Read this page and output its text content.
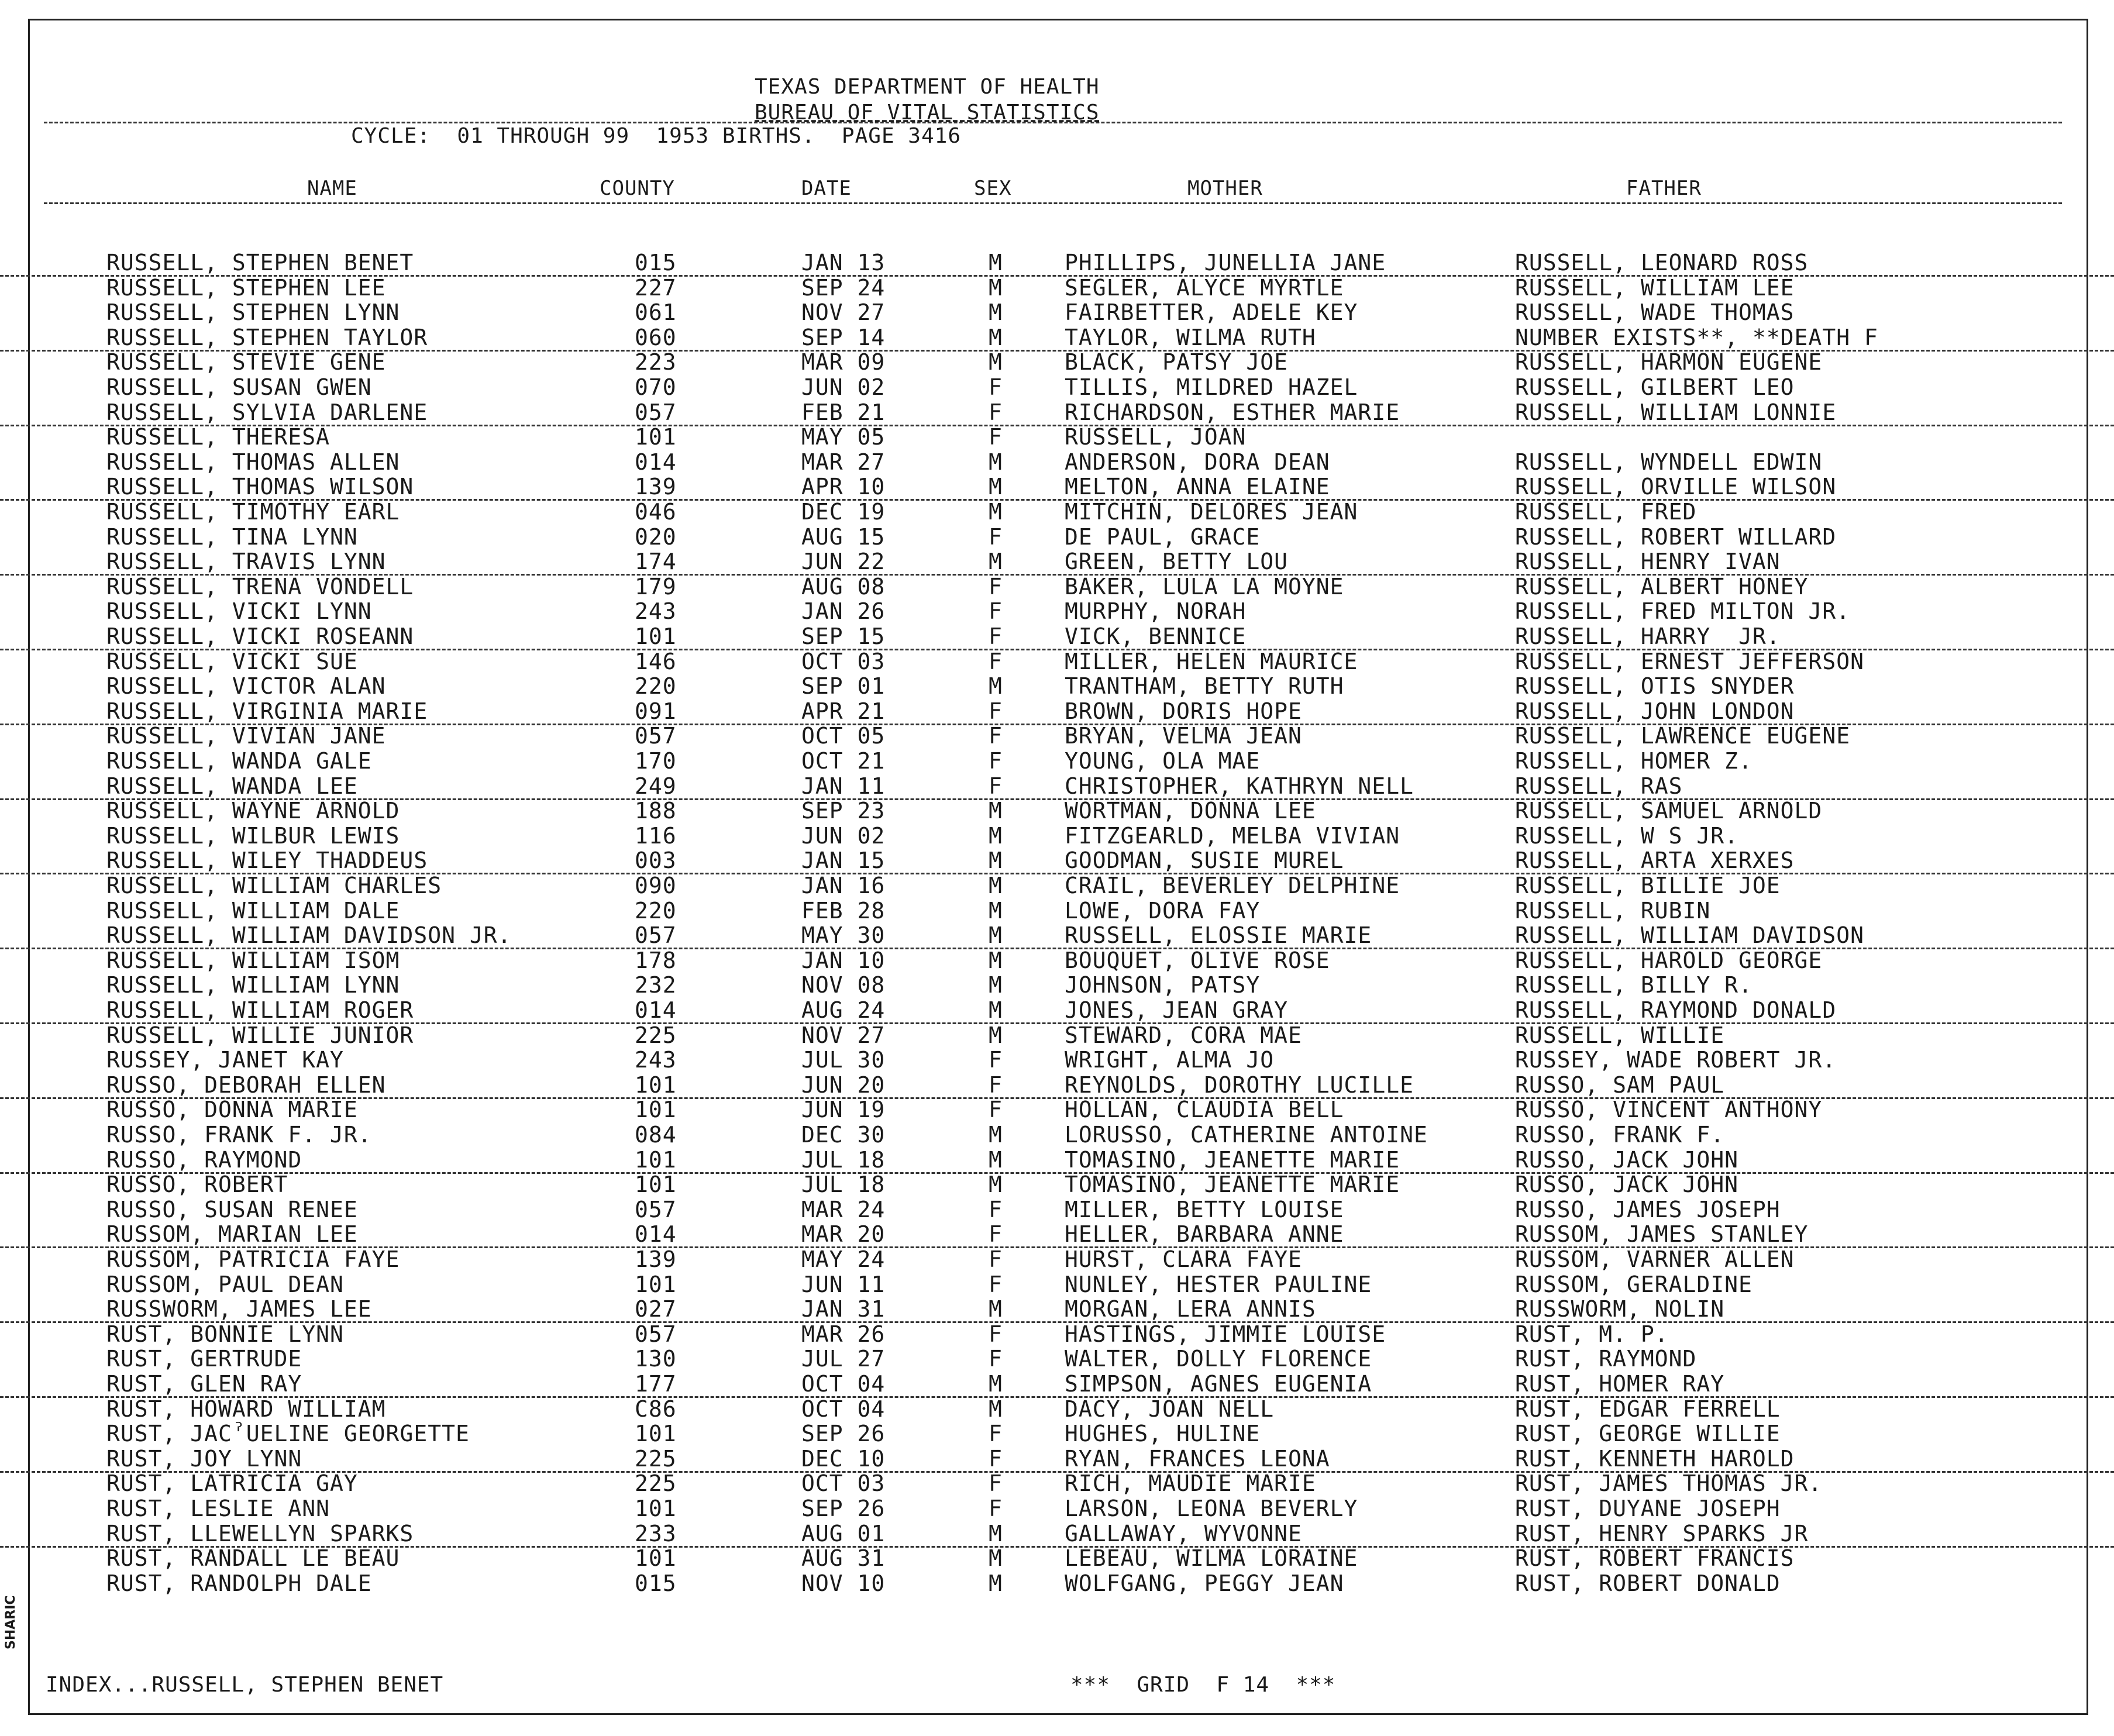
TEXAS DEPARTMENT OF HEALTH
BUREAU OF VITAL STATISTICS
CYCLE:  01 THROUGH 99  1953 BIRTHS.  PAGE 3416
NAME	COUNTY	DATE	SEX	MOTHER	FATHER
RUSSELL, STEPHEN BENET	015	JAN 13	M	PHILLIPS, JUNELLIA JANE	RUSSELL, LEONARD ROSS
RUSSELL, STEPHEN LEE	227	SEP 24	M	SEGLER, ALYCE MYRTLE	RUSSELL, WILLIAM LEE
RUSSELL, STEPHEN LYNN	061	NOV 27	M	FAIRBETTER, ADELE KEY	RUSSELL, WADE THOMAS
RUSSELL, STEPHEN TAYLOR	060	SEP 14	M	TAYLOR, WILMA RUTH	NUMBER EXISTS**, **DEATH F
RUSSELL, STEVIE GENE	223	MAR 09	M	BLACK, PATSY JOE	RUSSELL, HARMON EUGENE
RUSSELL, SUSAN GWEN	070	JUN 02	F	TILLIS, MILDRED HAZEL	RUSSELL, GILBERT LEO
RUSSELL, SYLVIA DARLENE	057	FEB 21	F	RICHARDSON, ESTHER MARIE	RUSSELL, WILLIAM LONNIE
RUSSELL, THERESA	101	MAY 05	F	RUSSELL, JOAN
RUSSELL, THOMAS ALLEN	014	MAR 27	M	ANDERSON, DORA DEAN	RUSSELL, WYNDELL EDWIN
RUSSELL, THOMAS WILSON	139	APR 10	M	MELTON, ANNA ELAINE	RUSSELL, ORVILLE WILSON
RUSSELL, TIMOTHY EARL	046	DEC 19	M	MITCHIN, DELORES JEAN	RUSSELL, FRED
RUSSELL, TINA LYNN	020	AUG 15	F	DE PAUL, GRACE	RUSSELL, ROBERT WILLARD
RUSSELL, TRAVIS LYNN	174	JUN 22	M	GREEN, BETTY LOU	RUSSELL, HENRY IVAN
RUSSELL, TRENA VONDELL	179	AUG 08	F	BAKER, LULA LA MOYNE	RUSSELL, ALBERT HONEY
RUSSELL, VICKI LYNN	243	JAN 26	F	MURPHY, NORAH	RUSSELL, FRED MILTON JR.
RUSSELL, VICKI ROSEANN	101	SEP 15	F	VICK, BENNICE	RUSSELL, HARRY  JR.
RUSSELL, VICKI SUE	146	OCT 03	F	MILLER, HELEN MAURICE	RUSSELL, ERNEST JEFFERSON
RUSSELL, VICTOR ALAN	220	SEP 01	M	TRANTHAM, BETTY RUTH	RUSSELL, OTIS SNYDER
RUSSELL, VIRGINIA MARIE	091	APR 21	F	BROWN, DORIS HOPE	RUSSELL, JOHN LONDON
RUSSELL, VIVIAN JANE	057	OCT 05	F	BRYAN, VELMA JEAN	RUSSELL, LAWRENCE EUGENE
RUSSELL, WANDA GALE	170	OCT 21	F	YOUNG, OLA MAE	RUSSELL, HOMER Z.
RUSSELL, WANDA LEE	249	JAN 11	F	CHRISTOPHER, KATHRYN NELL	RUSSELL, RAS
RUSSELL, WAYNE ARNOLD	188	SEP 23	M	WORTMAN, DONNA LEE	RUSSELL, SAMUEL ARNOLD
RUSSELL, WILBUR LEWIS	116	JUN 02	M	FITZGEARLD, MELBA VIVIAN	RUSSELL, W S JR.
RUSSELL, WILEY THADDEUS	003	JAN 15	M	GOODMAN, SUSIE MUREL	RUSSELL, ARTA XERXES
RUSSELL, WILLIAM CHARLES	090	JAN 16	M	CRAIL, BEVERLEY DELPHINE	RUSSELL, BILLIE JOE
RUSSELL, WILLIAM DALE	220	FEB 28	M	LOWE, DORA FAY	RUSSELL, RUBIN
RUSSELL, WILLIAM DAVIDSON JR.	057	MAY 30	M	RUSSELL, ELOSSIE MARIE	RUSSELL, WILLIAM DAVIDSON
RUSSELL, WILLIAM ISOM	178	JAN 10	M	BOUQUET, OLIVE ROSE	RUSSELL, HAROLD GEORGE
RUSSELL, WILLIAM LYNN	232	NOV 08	M	JOHNSON, PATSY	RUSSELL, BILLY R.
RUSSELL, WILLIAM ROGER	014	AUG 24	M	JONES, JEAN GRAY	RUSSELL, RAYMOND DONALD
RUSSELL, WILLIE JUNIOR	225	NOV 27	M	STEWARD, CORA MAE	RUSSELL, WILLIE
RUSSEY, JANET KAY	243	JUL 30	F	WRIGHT, ALMA JO	RUSSEY, WADE ROBERT JR.
RUSSO, DEBORAH ELLEN	101	JUN 20	F	REYNOLDS, DOROTHY LUCILLE	RUSSO, SAM PAUL
RUSSO, DONNA MARIE	101	JUN 19	F	HOLLAN, CLAUDIA BELL	RUSSO, VINCENT ANTHONY
RUSSO, FRANK F. JR.	084	DEC 30	M	LORUSSO, CATHERINE ANTOINE	RUSSO, FRANK F.
RUSSO, RAYMOND	101	JUL 18	M	TOMASINO, JEANETTE MARIE	RUSSO, JACK JOHN
RUSSO, ROBERT	101	JUL 18	M	TOMASINO, JEANETTE MARIE	RUSSO, JACK JOHN
RUSSO, SUSAN RENEE	057	MAR 24	F	MILLER, BETTY LOUISE	RUSSO, JAMES JOSEPH
RUSSOM, MARIAN LEE	014	MAR 20	F	HELLER, BARBARA ANNE	RUSSOM, JAMES STANLEY
RUSSOM, PATRICIA FAYE	139	MAY 24	F	HURST, CLARA FAYE	RUSSOM, VARNER ALLEN
RUSSOM, PAUL DEAN	101	JUN 11	F	NUNLEY, HESTER PAULINE	RUSSOM, GERALDINE
RUSSWORM, JAMES LEE	027	JAN 31	M	MORGAN, LERA ANNIS	RUSSWORM, NOLIN
RUST, BONNIE LYNN	057	MAR 26	F	HASTINGS, JIMMIE LOUISE	RUST, M. P.
RUST, GERTRUDE	130	JUL 27	F	WALTER, DOLLY FLORENCE	RUST, RAYMOND
RUST, GLEN RAY	177	OCT 04	M	SIMPSON, AGNES EUGENIA	RUST, HOMER RAY
RUST, HOWARD WILLIAM	C86	OCT 04	M	DACY, JOAN NELL	RUST, EDGAR FERRELL
RUST, JACˀUELINE GEORGETTE	101	SEP 26	F	HUGHES, HULINE	RUST, GEORGE WILLIE
RUST, JOY LYNN	225	DEC 10	F	RYAN, FRANCES LEONA	RUST, KENNETH HAROLD
RUST, LATRICIA GAY	225	OCT 03	F	RICH, MAUDIE MARIE	RUST, JAMES THOMAS JR.
RUST, LESLIE ANN	101	SEP 26	F	LARSON, LEONA BEVERLY	RUST, DUYANE JOSEPH
RUST, LLEWELLYN SPARKS	233	AUG 01	M	GALLAWAY, WYVONNE	RUST, HENRY SPARKS JR
RUST, RANDALL LE BEAU	101	AUG 31	M	LEBEAU, WILMA LORAINE	RUST, ROBERT FRANCIS
RUST, RANDOLPH DALE	015	NOV 10	M	WOLFGANG, PEGGY JEAN	RUST, ROBERT DONALD
INDEX...RUSSELL, STEPHEN BENET	***  GRID  F 14  ***
SHARIC
